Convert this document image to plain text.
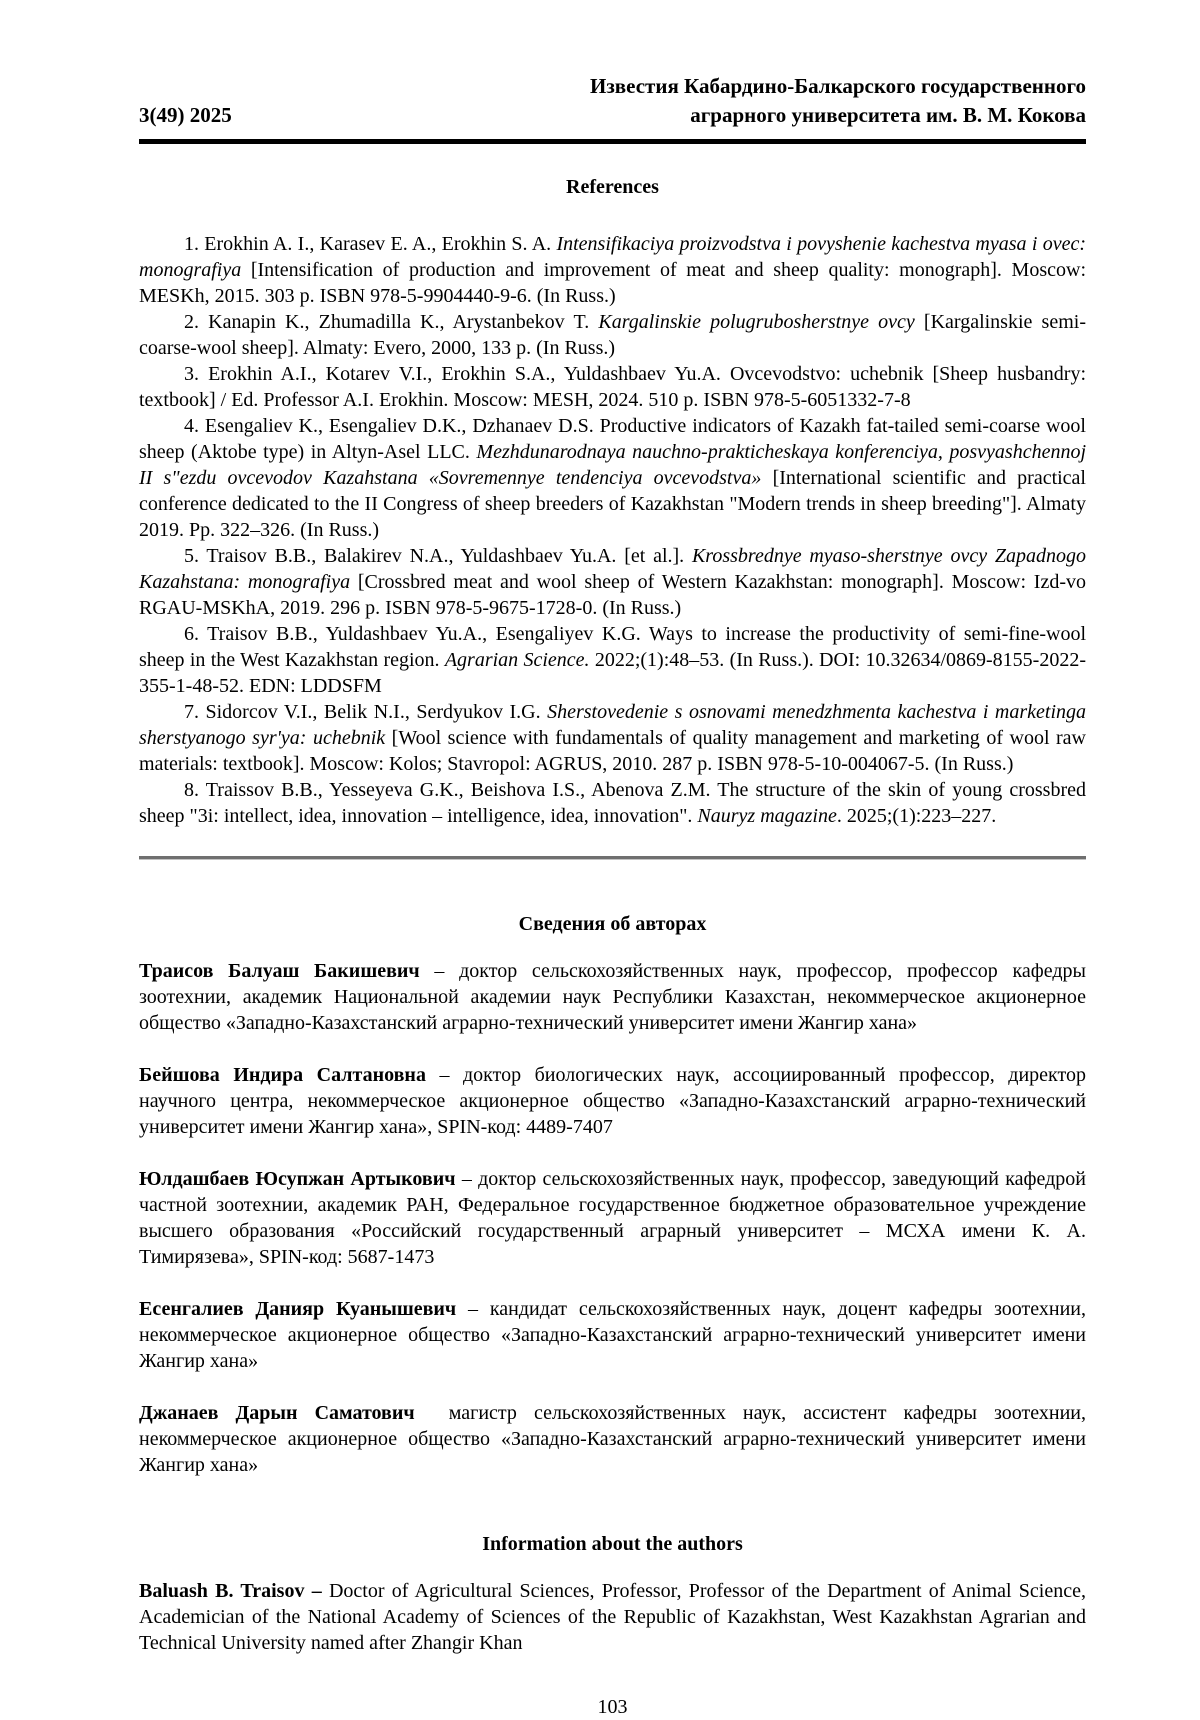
3(49) 2025
Известия Кабардино-Балкарского государственного
аграрного университета им. В. М. Кокова
References

1. Erokhin A. I., Karasev E. A., Erokhin S. A. Intensifikaciya proizvodstva i povyshenie kachestva myasa i ovec: monografiya [Intensification of production and improvement of meat and sheep quality: monograph]. Moscow: MESKh, 2015. 303 p. ISBN 978-5-9904440-9-6. (In Russ.)

2. Kanapin K., Zhumadilla K., Arystanbekov T. Kargalinskie polugrubosherstnye ovcy [Kargalinskie semi-coarse-wool sheep]. Almaty: Evero, 2000, 133 p. (In Russ.)

3. Erokhin A.I., Kotarev V.I., Erokhin S.A., Yuldashbaev Yu.A. Ovcevodstvo: uchebnik [Sheep husbandry: textbook] / Ed. Professor A.I. Erokhin. Moscow: MESH, 2024. 510 p. ISBN 978-5-6051332-7-8

4. Esengaliev K., Esengaliev D.K., Dzhanaev D.S. Productive indicators of Kazakh fat-tailed semi-coarse wool sheep (Aktobe type) in Altyn-Asel LLC. Mezhdunarodnaya nauchno-prakticheskaya konferenciya, posvyashchennoj II s"ezdu ovcevodov Kazahstana «Sovremennye tendenciya ovcevodstva» [International scientific and practical conference dedicated to the II Congress of sheep breeders of Kazakhstan "Modern trends in sheep breeding"]. Almaty 2019. Pp. 322–326. (In Russ.)

5. Traisov B.B., Balakirev N.A., Yuldashbaev Yu.A. [et al.]. Krossbrednye myaso-sherstnye ovcy Zapadnogo Kazahstana: monografiya [Crossbred meat and wool sheep of Western Kazakhstan: monograph]. Moscow: Izd-vo RGAU-MSKhA, 2019. 296 p. ISBN 978-5-9675-1728-0. (In Russ.)

6. Traisov B.B., Yuldashbaev Yu.A., Esengaliyev K.G. Ways to increase the productivity of semi-fine-wool sheep in the West Kazakhstan region. Agrarian Science. 2022;(1):48–53. (In Russ.). DOI: 10.32634/0869-8155-2022-355-1-48-52. EDN: LDDSFM

7. Sidorcov V.I., Belik N.I., Serdyukov I.G. Sherstovedenie s osnovami menedzhmenta kachestva i marketinga sherstyanogo syr'ya: uchebnik [Wool science with fundamentals of quality management and marketing of wool raw materials: textbook]. Moscow: Kolos; Stavropol: AGRUS, 2010. 287 p. ISBN 978-5-10-004067-5. (In Russ.)

8. Traissov B.B., Yesseyeva G.K., Beishova I.S., Abenova Z.M. The structure of the skin of young crossbred sheep "3i: intellect, idea, innovation – intelligence, idea, innovation". Nauryz magazine. 2025;(1):223–227.

Сведения об авторах

Траисов Балуаш Бакишевич – доктор сельскохозяйственных наук, профессор, профессор кафедры зоотехнии, академик Национальной академии наук Республики Казахстан, некоммерческое акционерное общество «Западно-Казахстанский аграрно-технический университет имени Жангир хана»

Бейшова Индира Салтановна – доктор биологических наук, ассоциированный профессор, директор научного центра, некоммерческое акционерное общество «Западно-Казахстанский аграрно-технический университет имени Жангир хана», SPIN-код: 4489-7407

Юлдашбаев Юсупжан Артыкович – доктор сельскохозяйственных наук, профессор, заведующий кафедрой частной зоотехнии, академик РАН, Федеральное государственное бюджетное образовательное учреждение высшего образования «Российский государственный аграрный университет – МСХА имени К. А. Тимирязева», SPIN-код: 5687-1473

Есенгалиев Данияр Куанышевич – кандидат сельскохозяйственных наук, доцент кафедры зоотехнии, некоммерческое акционерное общество «Западно-Казахстанский аграрно-технический университет имени Жангир хана»

Джанаев Дарын Саматович  магистр сельскохозяйственных наук, ассистент кафедры зоотехнии, некоммерческое акционерное общество «Западно-Казахстанский аграрно-технический университет имени Жангир хана»

Information about the authors

Baluash B. Traisov – Doctor of Agricultural Sciences, Professor, Professor of the Department of Animal Science, Academician of the National Academy of Sciences of the Republic of Kazakhstan, West Kazakhstan Agrarian and Technical University named after Zhangir Khan

103
